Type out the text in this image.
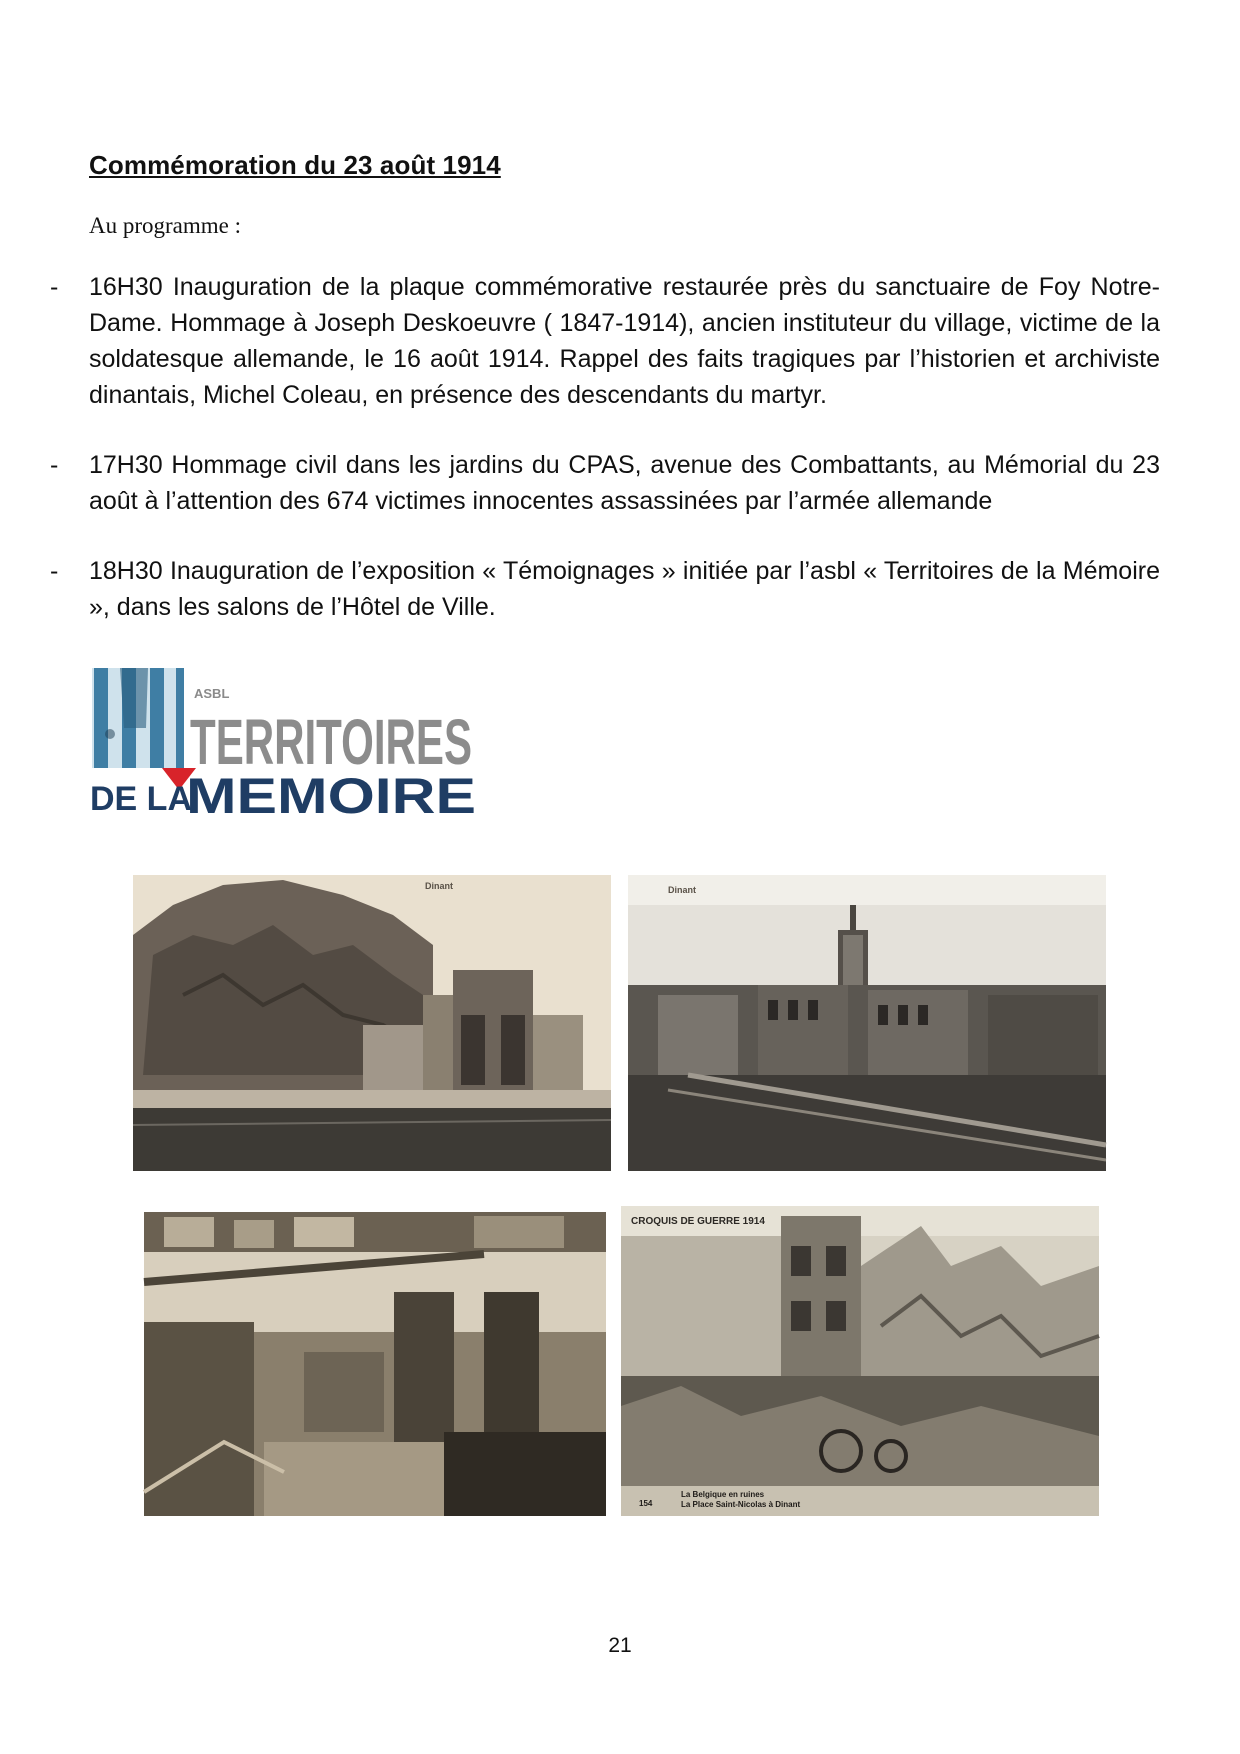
Commémoration du 23 août 1914
Au programme :
-	16H30 Inauguration de la plaque commémorative restaurée près du sanctuaire de Foy Notre-Dame. Hommage à Joseph Deskoeuvre ( 1847-1914), ancien instituteur du village, victime de la soldatesque allemande, le 16 août 1914. Rappel des faits tragiques par l’historien et archiviste dinantais, Michel Coleau, en présence des descendants du martyr.
-	17H30 Hommage civil dans les jardins du CPAS, avenue des Combattants, au Mémorial du 23 août à l’attention des 674 victimes innocentes assassinées par l’armée allemande
-	18H30 Inauguration de l’exposition « Témoignages » initiée par l’asbl « Territoires de la Mémoire », dans les salons de l’Hôtel de Ville.
ASBL
TERRITOIRES
DE LA
MEMOIRE
Dinant	Dinant
CROQUIS DE GUERRE 1914
La Belgique en ruines
La Place Saint-Nicolas à Dinant
154
21
